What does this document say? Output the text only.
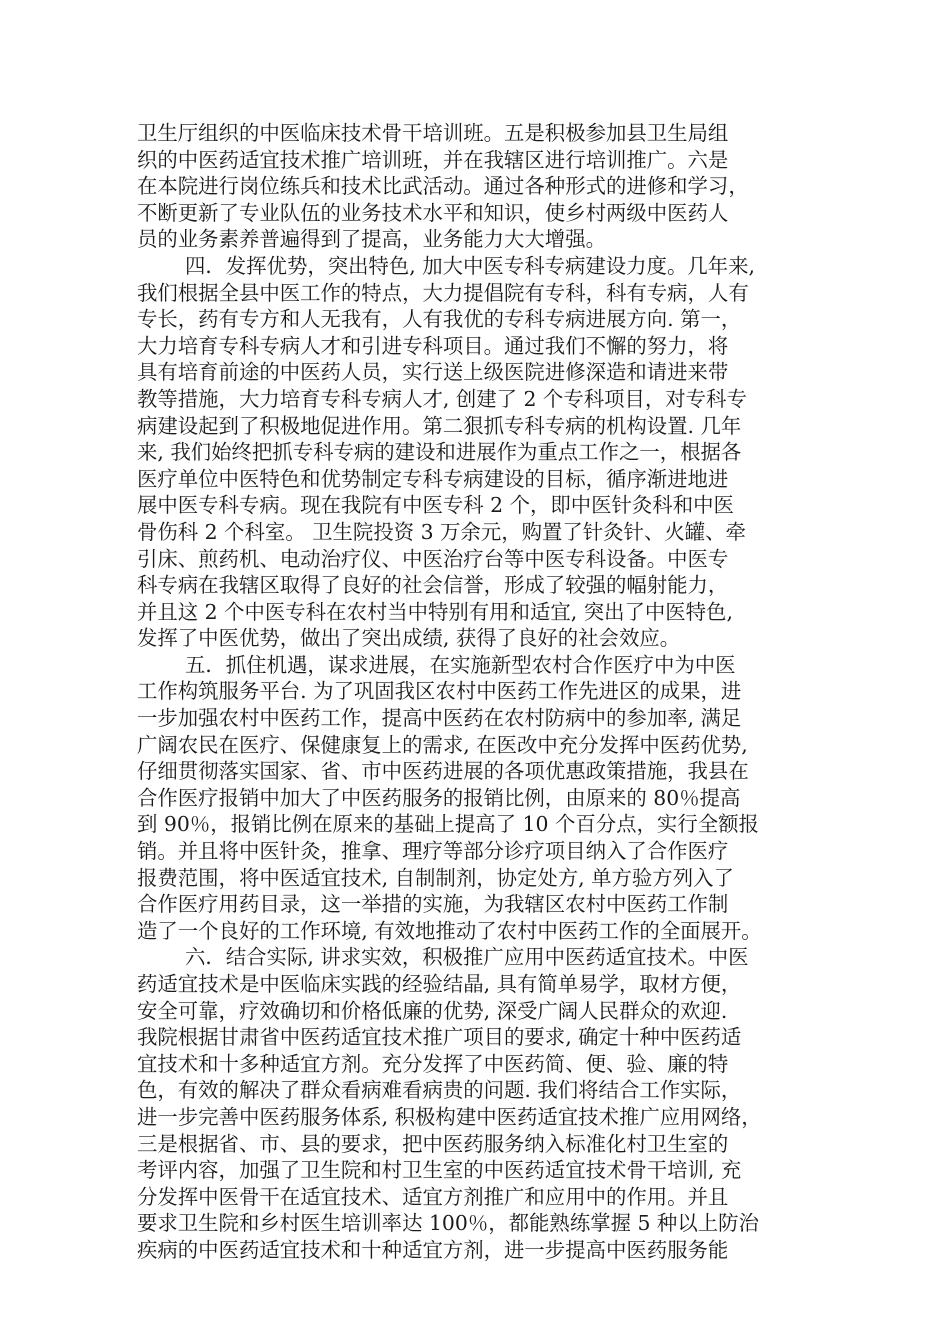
卫生厅组织的中医临床技术骨干培训班。五是积极参加县卫生局组
织的中医药适宜技术推广培训班，并在我辖区进行培训推广。六是
在本院进行岗位练兵和技术比武活动。通过各种形式的进修和学习，
不断更新了专业队伍的业务技术水平和知识，使乡村两级中医药人
员的业务素养普遍得到了提高，业务能力大大增强。
四．发挥优势，突出特色, 加大中医专科专病建设力度。几年来,
我们根据全县中医工作的特点，大力提倡院有专科，科有专病，人有
专长，药有专方和人无我有，人有我优的专科专病进展方向. 第一，
大力培育专科专病人才和引进专科项目。通过我们不懈的努力，将
具有培育前途的中医药人员，实行送上级医院进修深造和请进来带
教等措施，大力培育专科专病人才, 创建了 2 个专科项目，对专科专
病建设起到了积极地促进作用。第二狠抓专科专病的机构设置. 几年
来, 我们始终把抓专科专病的建设和进展作为重点工作之一，根据各
医疗单位中医特色和优势制定专科专病建设的目标，循序渐进地进
展中医专科专病。现在我院有中医专科 2 个，即中医针灸科和中医
骨伤科 2 个科室。 卫生院投资 3 万余元，购置了针灸针、火罐、牵
引床、煎药机、电动治疗仪、中医治疗台等中医专科设备。中医专
科专病在我辖区取得了良好的社会信誉，形成了较强的幅射能力，
并且这 2 个中医专科在农村当中特别有用和适宜, 突出了中医特色,
发挥了中医优势，做出了突出成绩, 获得了良好的社会效应。
五．抓住机遇，谋求进展，在实施新型农村合作医疗中为中医
工作构筑服务平台. 为了巩固我区农村中医药工作先进区的成果，进
一步加强农村中医药工作，提高中医药在农村防病中的参加率, 满足
广阔农民在医疗、保健康复上的需求, 在医改中充分发挥中医药优势,
仔细贯彻落实国家、省、市中医药进展的各项优惠政策措施，我县在
合作医疗报销中加大了中医药服务的报销比例，由原来的 80％提高
到 90％，报销比例在原来的基础上提高了 10 个百分点，实行全额报
销。并且将中医针灸，推拿、理疗等部分诊疗项目纳入了合作医疗
报费范围，将中医适宜技术, 自制制剂，协定处方, 单方验方列入了
合作医疗用药目录，这一举措的实施，为我辖区农村中医药工作制
造了一个良好的工作环境, 有效地推动了农村中医药工作的全面展开。
六．结合实际, 讲求实效，积极推广应用中医药适宜技术。中医
药适宜技术是中医临床实践的经验结晶, 具有简单易学，取材方便，
安全可靠，疗效确切和价格低廉的优势, 深受广阔人民群众的欢迎.
我院根据甘肃省中医药适宜技术推广项目的要求, 确定十种中医药适
宜技术和十多种适宜方剂。充分发挥了中医药简、便、验、廉的特
色，有效的解决了群众看病难看病贵的问题. 我们将结合工作实际，
进一步完善中医药服务体系, 积极构建中医药适宜技术推广应用网络，
三是根据省、市、县的要求，把中医药服务纳入标准化村卫生室的
考评内容，加强了卫生院和村卫生室的中医药适宜技术骨干培训, 充
分发挥中医骨干在适宜技术、适宜方剂推广和应用中的作用。并且
要求卫生院和乡村医生培训率达 100％，都能熟练掌握 5 种以上防治
疾病的中医药适宜技术和十种适宜方剂，进一步提高中医药服务能
